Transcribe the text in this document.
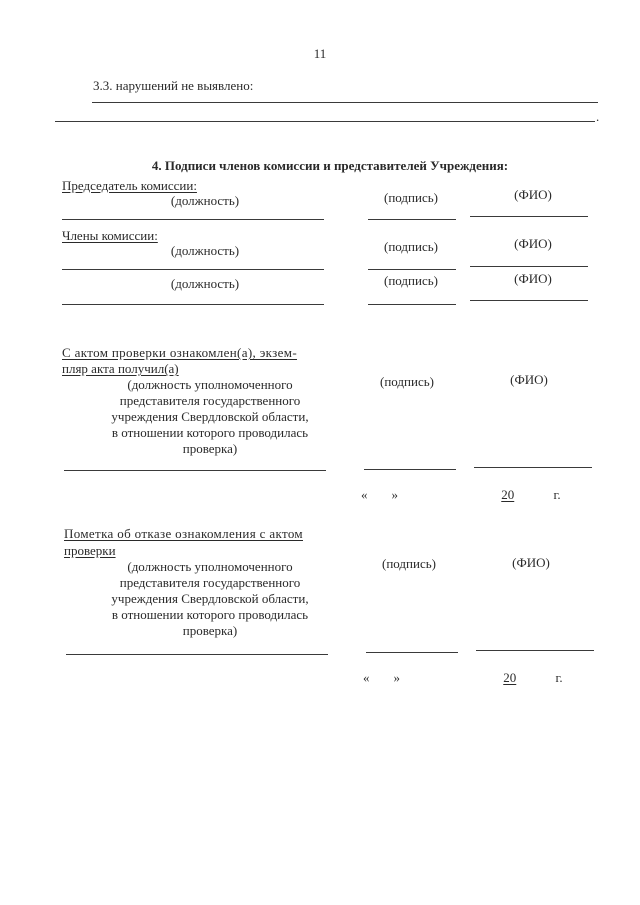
11
3.3. нарушений не выявлено:
.
4. Подписи членов комиссии и представителей Учреждения:
Председатель комиссии:
(должность)	(подпись)	(ФИО)
Члены комиссии:
(должность)	(подпись)	(ФИО)
(должность)	(подпись)	(ФИО)
С актом проверки ознакомлен(а), экзем-
пляр акта получил(а)
(должность уполномоченного
представителя государственного
учреждения Свердловской области,
в отношении которого проводилась
проверка)
(подпись)	(ФИО)
« »	20	г.
Пометка об отказе ознакомления с актом
проверки
(должность уполномоченного
представителя государственного
учреждения Свердловской области,
в отношении которого проводилась
проверка)
(подпись)	(ФИО)
« »	20	г.
